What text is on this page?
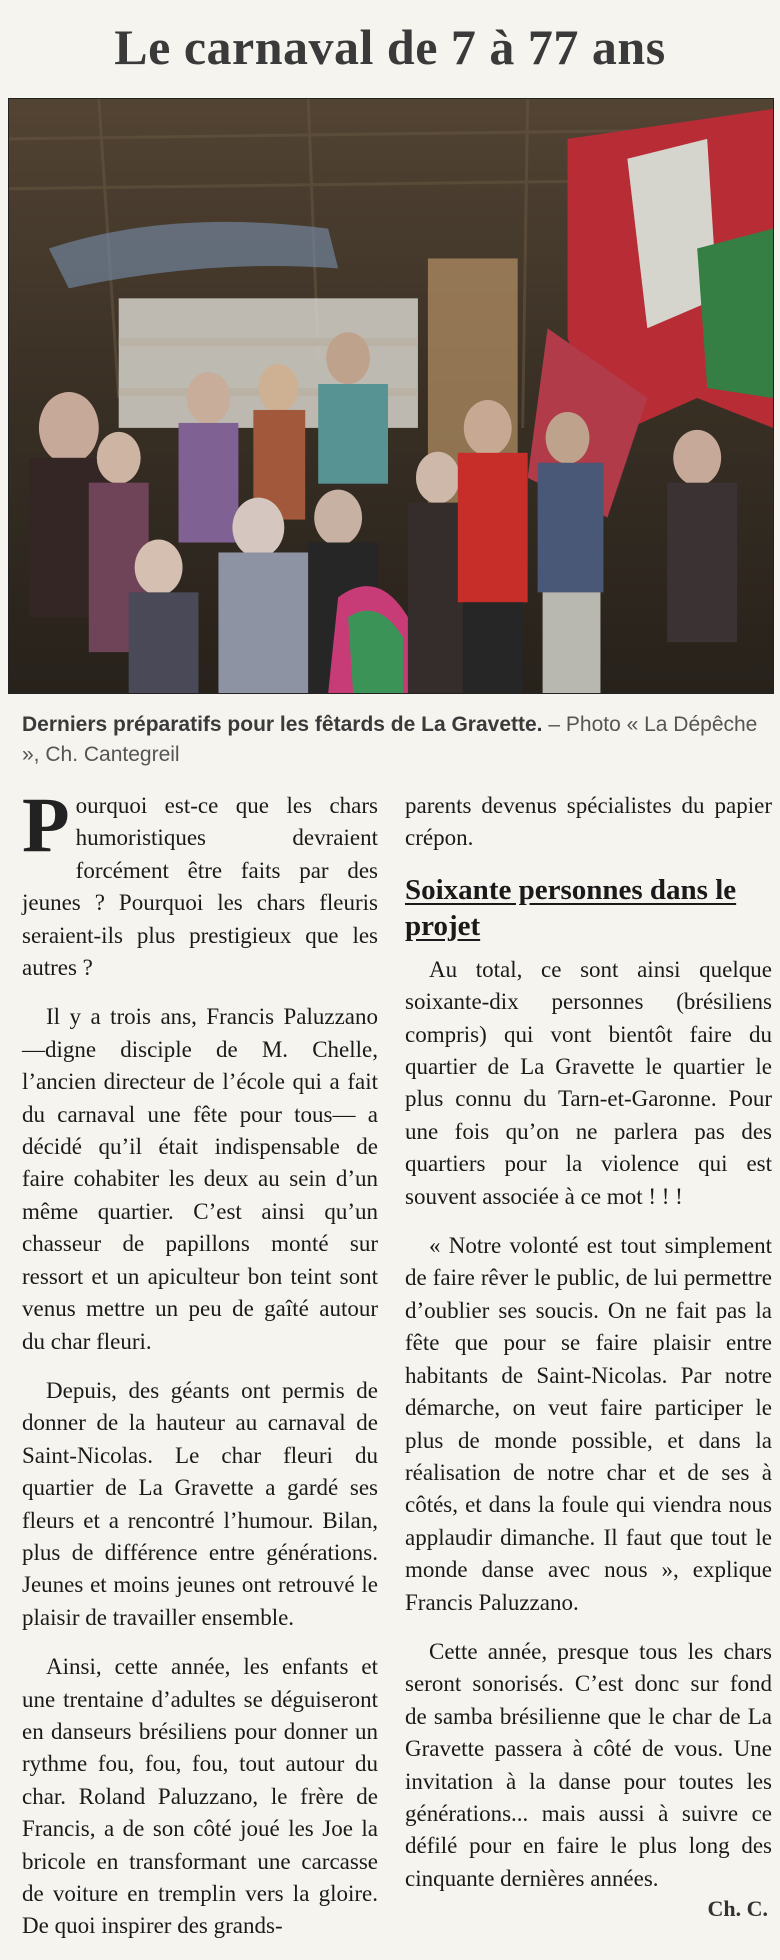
Le carnaval de 7 à 77 ans
Derniers préparatifs pour les fêtards de La Gravette. – Photo « La Dépêche », Ch. Cantegreil

Pourquoi est-ce que les chars humoristiques devraient forcément être faits par des jeunes ? Pourquoi les chars fleuris seraient-ils plus prestigieux que les autres ?

Il y a trois ans, Francis Paluzzano —digne disciple de M. Chelle, l’ancien directeur de l’école qui a fait du carnaval une fête pour tous— a décidé qu’il était indispensable de faire cohabiter les deux au sein d’un même quartier. C’est ainsi qu’un chasseur de papillons monté sur ressort et un apiculteur bon teint sont venus mettre un peu de gaîté autour du char fleuri.

Depuis, des géants ont permis de donner de la hauteur au carnaval de Saint-Nicolas. Le char fleuri du quartier de La Gravette a gardé ses fleurs et a rencontré l’humour. Bilan, plus de différence entre générations. Jeunes et moins jeunes ont retrouvé le plaisir de travailler ensemble.

Ainsi, cette année, les enfants et une trentaine d’adultes se déguiseront en danseurs brésiliens pour donner un rythme fou, fou, fou, tout autour du char. Roland Paluzzano, le frère de Francis, a de son côté joué les Joe la bricole en transformant une carcasse de voiture en tremplin vers la gloire. De quoi inspirer des grands-

parents devenus spécialistes du papier crépon.

Soixante personnes dans le projet

Au total, ce sont ainsi quelque soixante-dix personnes (brésiliens compris) qui vont bientôt faire du quartier de La Gravette le quartier le plus connu du Tarn-et-Garonne. Pour une fois qu’on ne parlera pas des quartiers pour la violence qui est souvent associée à ce mot ! ! !

« Notre volonté est tout simplement de faire rêver le public, de lui permettre d’oublier ses soucis. On ne fait pas la fête que pour se faire plaisir entre habitants de Saint-Nicolas. Par notre démarche, on veut faire participer le plus de monde possible, et dans la réalisation de notre char et de ses à côtés, et dans la foule qui viendra nous applaudir dimanche. Il faut que tout le monde danse avec nous », explique Francis Paluzzano.

Cette année, presque tous les chars seront sonorisés. C’est donc sur fond de samba brésilienne que le char de La Gravette passera à côté de vous. Une invitation à la danse pour toutes les générations... mais aussi à suivre ce défilé pour en faire le plus long des cinquante dernières années.

Ch. C.
